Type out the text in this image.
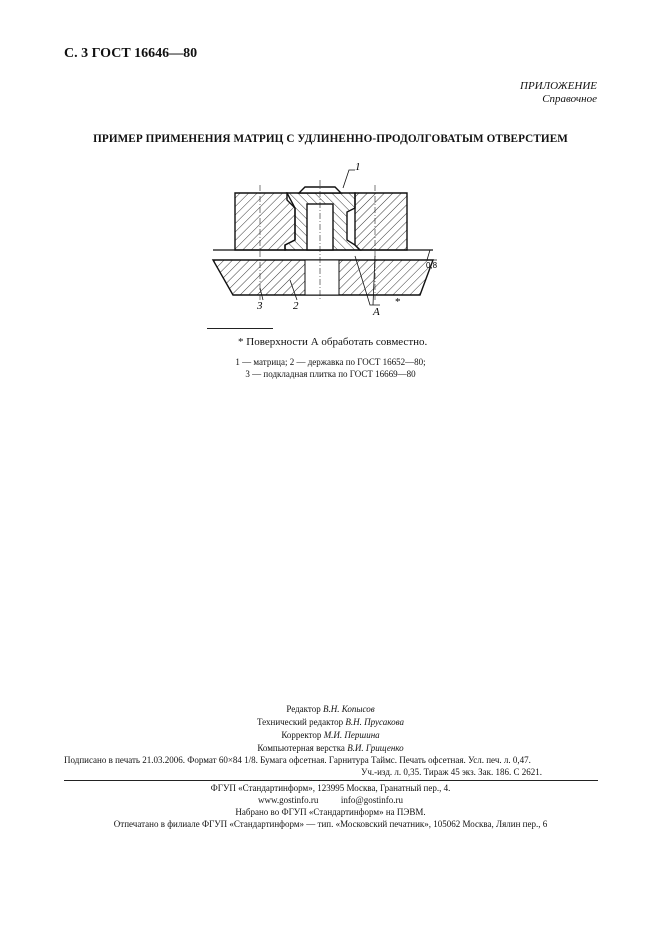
С. 3 ГОСТ 16646—80
ПРИЛОЖЕНИЕ
Справочное
ПРИМЕР ПРИМЕНЕНИЯ МАТРИЦ С УДЛИНЕННО-ПРОДОЛГОВАТЫМ ОТВЕРСТИЕМ
1
2
3	A
*
0,8
* Поверхности А обработать совместно.
1 — матрица; 2 — державка по ГОСТ 16652—80;
3 — подкладная плитка по ГОСТ 16669—80
Редактор В.Н. Копысов
Технический редактор В.Н. Прусакова
Корректор М.И. Першина
Компьютерная верстка В.И. Грищенко
Подписано в печать 21.03.2006. Формат 60×84 1/8. Бумага офсетная. Гарнитура Таймс. Печать офсетная. Усл. печ. л. 0,47.
Уч.-изд. л. 0,35. Тираж 45 экз. Зак. 186. С 2621.
ФГУП «Стандартинформ», 123995 Москва, Гранатный пер., 4.
www.gostinfo.ru          info@gostinfo.ru
Набрано во ФГУП «Стандартинформ» на ПЭВМ.
Отпечатано в филиале ФГУП «Стандартинформ» — тип. «Московский печатник», 105062 Москва, Лялин пер., 6
